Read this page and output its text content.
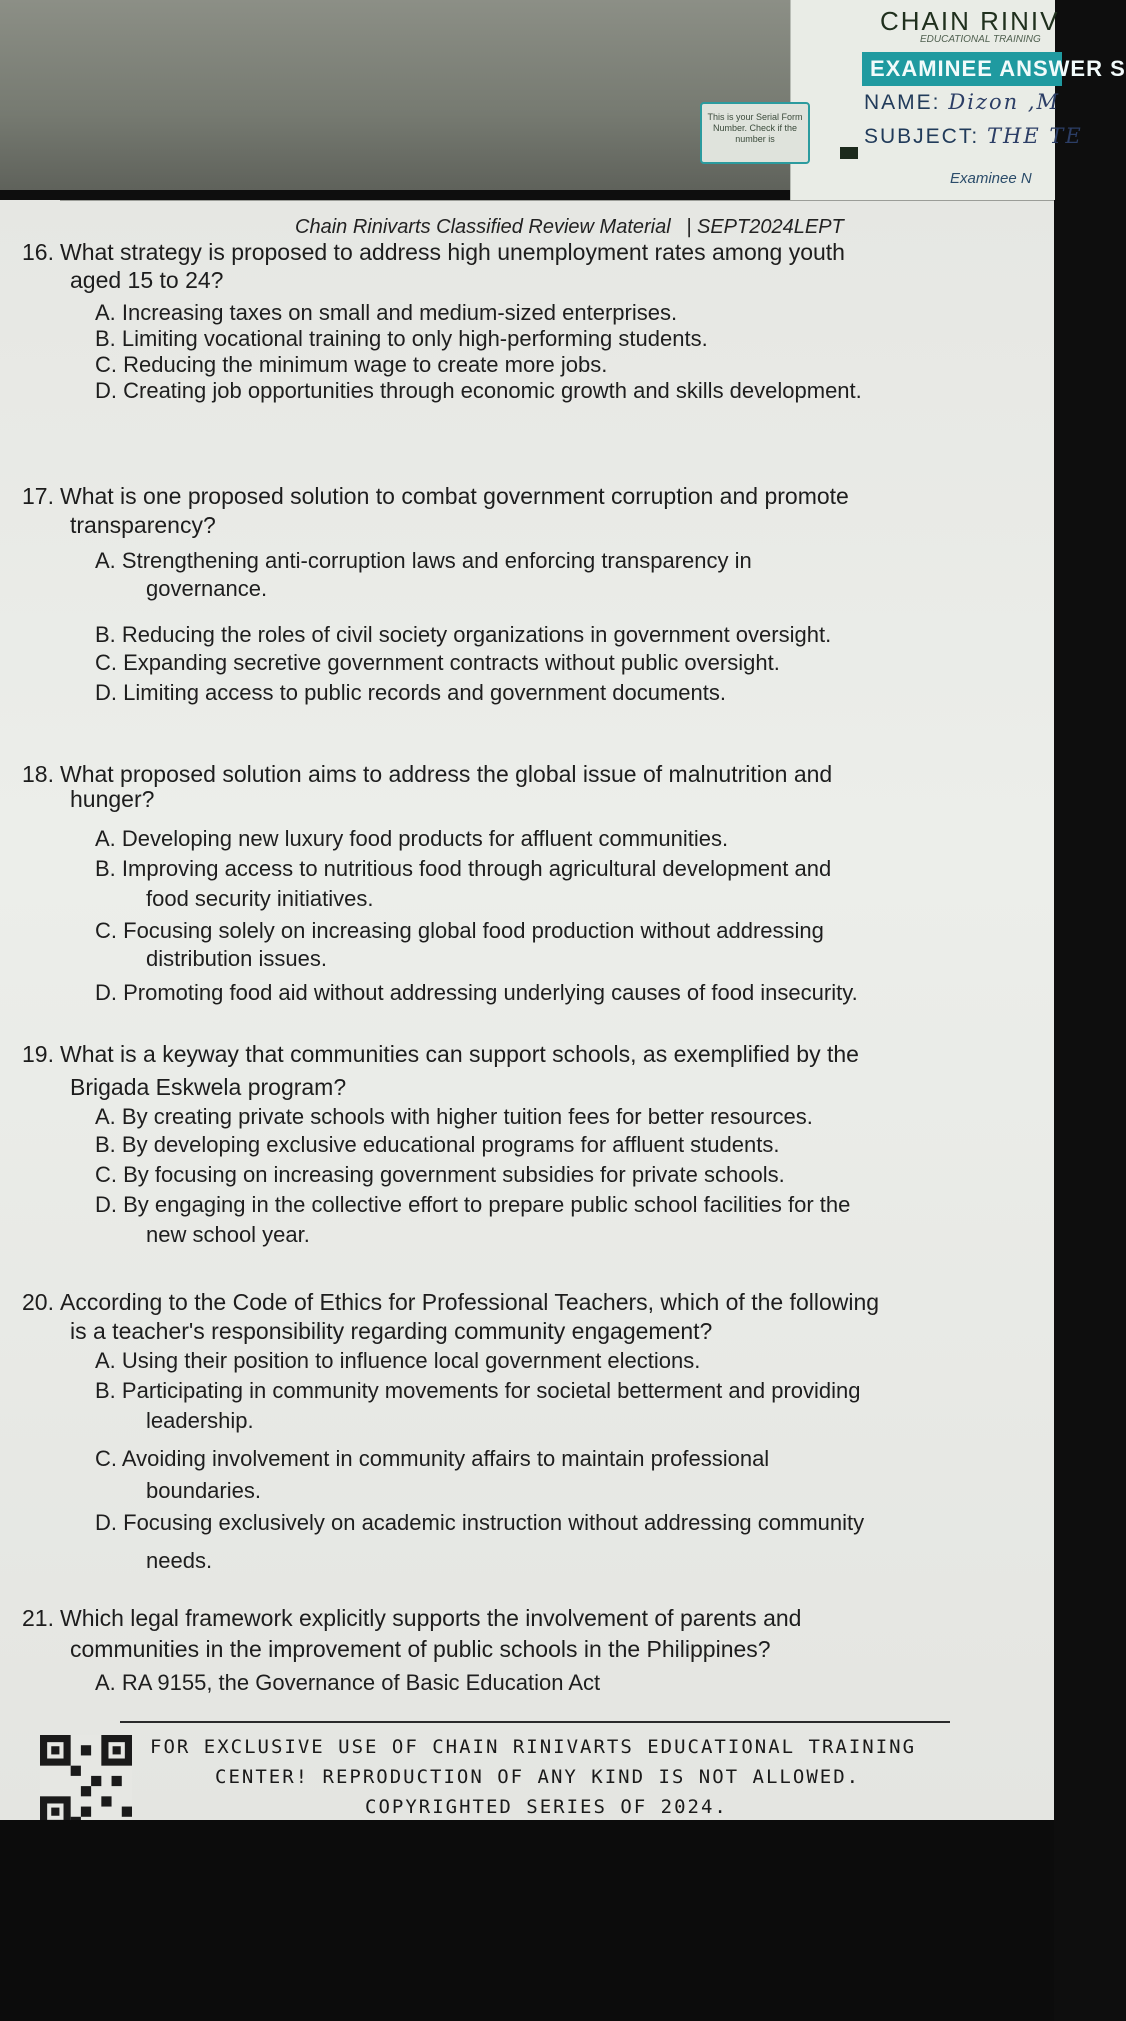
CHAIN RINIV
EDUCATIONAL TRAINING
EXAMINEE ANSWER S
NAME: Dizon ,M
SUBJECT: THE TE
This is your Serial Form Number. Check if the number is
Examinee N
Chain Rinivarts Classified Review Material | SEPT2024LEPT
16. What strategy is proposed to address high unemployment rates among youth
aged 15 to 24?
A. Increasing taxes on small and medium-sized enterprises.
B. Limiting vocational training to only high-performing students.
C. Reducing the minimum wage to create more jobs.
D. Creating job opportunities through economic growth and skills development.
17. What is one proposed solution to combat government corruption and promote
transparency?
A. Strengthening anti-corruption laws and enforcing transparency in
governance.
B. Reducing the roles of civil society organizations in government oversight.
C. Expanding secretive government contracts without public oversight.
D. Limiting access to public records and government documents.
18. What proposed solution aims to address the global issue of malnutrition and
hunger?
A. Developing new luxury food products for affluent communities.
B. Improving access to nutritious food through agricultural development and
food security initiatives.
C. Focusing solely on increasing global food production without addressing
distribution issues.
D. Promoting food aid without addressing underlying causes of food insecurity.
19. What is a keyway that communities can support schools, as exemplified by the
Brigada Eskwela program?
A. By creating private schools with higher tuition fees for better resources.
B. By developing exclusive educational programs for affluent students.
C. By focusing on increasing government subsidies for private schools.
D. By engaging in the collective effort to prepare public school facilities for the
new school year.
20. According to the Code of Ethics for Professional Teachers, which of the following
is a teacher's responsibility regarding community engagement?
A. Using their position to influence local government elections.
B. Participating in community movements for societal betterment and providing
leadership.
C. Avoiding involvement in community affairs to maintain professional
boundaries.
D. Focusing exclusively on academic instruction without addressing community
needs.
21. Which legal framework explicitly supports the involvement of parents and
communities in the improvement of public schools in the Philippines?
A. RA 9155, the Governance of Basic Education Act
FOR EXCLUSIVE USE OF CHAIN RINIVARTS EDUCATIONAL TRAINING
CENTER! REPRODUCTION OF ANY KIND IS NOT ALLOWED.
COPYRIGHTED SERIES OF 2024.
